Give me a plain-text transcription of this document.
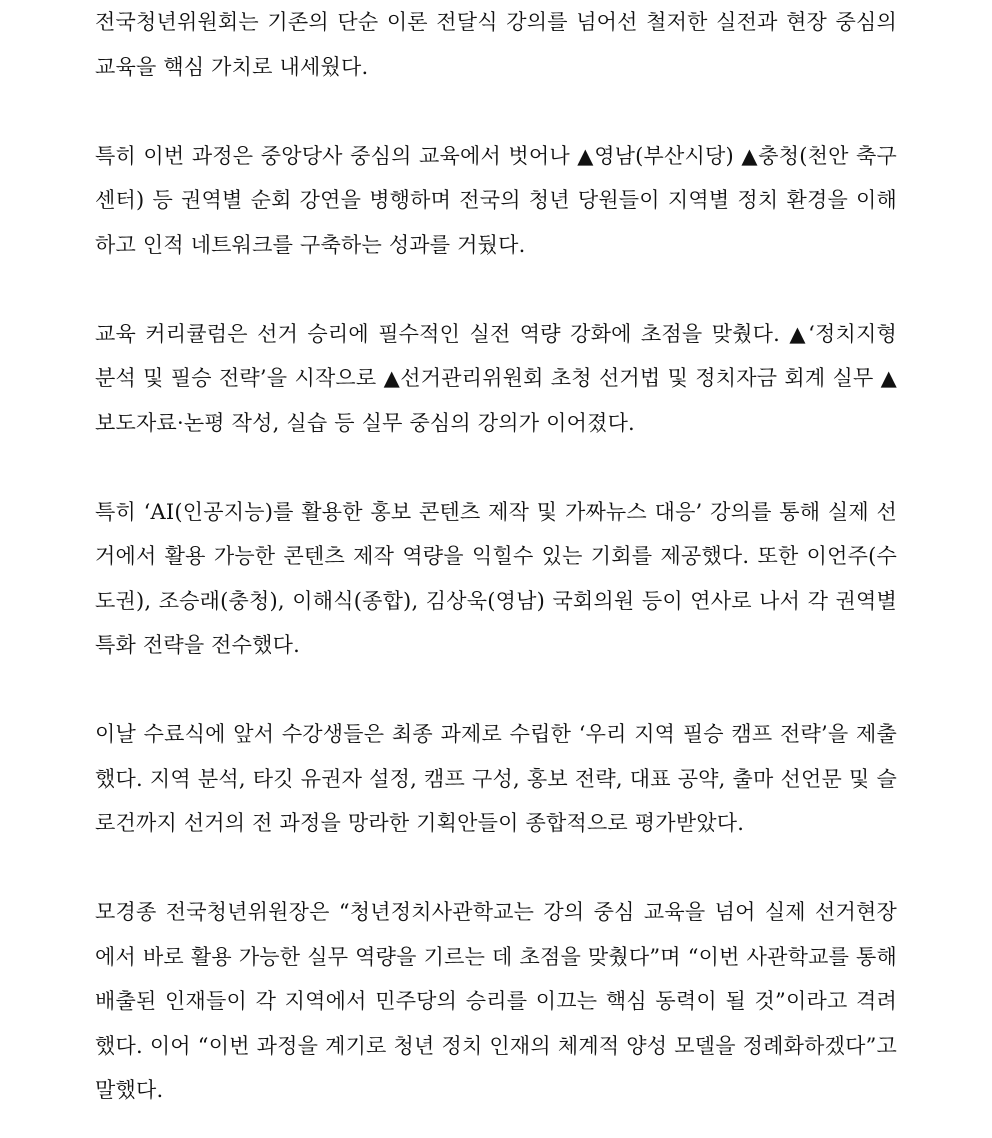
전국청년위원회는 기존의 단순 이론 전달식 강의를 넘어선 철저한 실전과 현장 중심의 교육을 핵심 가치로 내세웠다.

특히 이번 과정은 중앙당사 중심의 교육에서 벗어나 ▲영남(부산시당) ▲충청(천안 축구센터) 등 권역별 순회 강연을 병행하며 전국의 청년 당원들이 지역별 정치 환경을 이해하고 인적 네트워크를 구축하는 성과를 거뒀다.

교육 커리큘럼은 선거 승리에 필수적인 실전 역량 강화에 초점을 맞췄다. ▲‘정치지형 분석 및 필승 전략’을 시작으로 ▲선거관리위원회 초청 선거법 및 정치자금 회계 실무 ▲보도자료·논평 작성, 실습 등 실무 중심의 강의가 이어졌다.

특히 ‘AI(인공지능)를 활용한 홍보 콘텐츠 제작 및 가짜뉴스 대응’ 강의를 통해 실제 선거에서 활용 가능한 콘텐츠 제작 역량을 익힐수 있는 기회를 제공했다. 또한 이언주(수도권), 조승래(충청), 이해식(종합), 김상욱(영남) 국회의원 등이 연사로 나서 각 권역별 특화 전략을 전수했다.

이날 수료식에 앞서 수강생들은 최종 과제로 수립한 ‘우리 지역 필승 캠프 전략’을 제출했다. 지역 분석, 타깃 유권자 설정, 캠프 구성, 홍보 전략, 대표 공약, 출마 선언문 및 슬로건까지 선거의 전 과정을 망라한 기획안들이 종합적으로 평가받았다.

모경종 전국청년위원장은 “청년정치사관학교는 강의 중심 교육을 넘어 실제 선거현장에서 바로 활용 가능한 실무 역량을 기르는 데 초점을 맞췄다”며 “이번 사관학교를 통해 배출된 인재들이 각 지역에서 민주당의 승리를 이끄는 핵심 동력이 될 것”이라고 격려했다. 이어 “이번 과정을 계기로 청년 정치 인재의 체계적 양성 모델을 정례화하겠다”고 말했다.
